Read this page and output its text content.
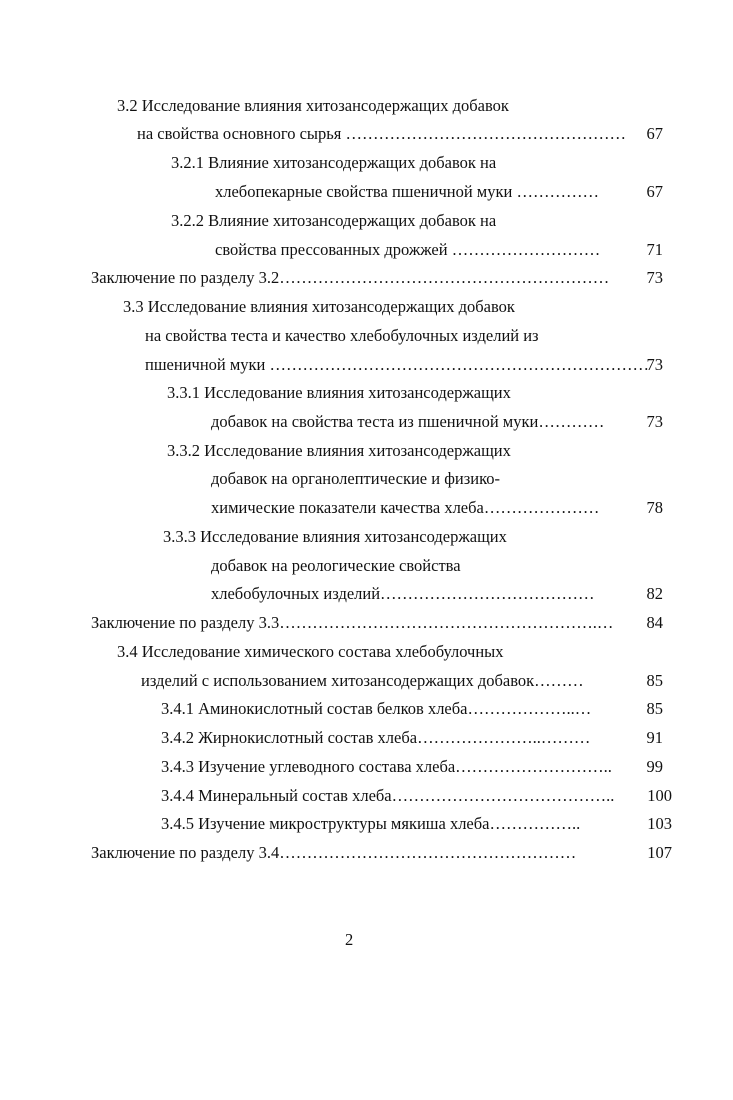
3.2 Исследование влияния хитозансодержащих добавок
на свойства основного сырья ……………………………………………
3.2.1 Влияние хитозансодержащих добавок на
хлебопекарные свойства пшеничной муки ……………
3.2.2 Влияние хитозансодержащих добавок на
свойства прессованных дрожжей ………………………
Заключение по разделу 3.2……………………………………………………
3.3 Исследование влияния хитозансодержащих добавок
на свойства теста и качество хлебобулочных изделий из
пшеничной муки ……………………………………………………………
3.3.1 Исследование влияния хитозансодержащих
добавок на свойства теста из пшеничной муки…………
3.3.2 Исследование влияния хитозансодержащих
добавок на органолептические и физико-
химические показатели качества хлеба…………………
3.3.3 Исследование влияния хитозансодержащих
добавок на реологические свойства
хлебобулочных изделий…………………………………
Заключение по разделу 3.3………………………………………………….…
3.4 Исследование химического состава хлебобулочных
изделий с использованием хитозансодержащих добавок………
3.4.1 Аминокислотный состав белков хлеба………………..…
3.4.2 Жирнокислотный состав хлеба…………………..………
3.4.3 Изучение углеводного состава хлеба………………………..
3.4.4 Минеральный состав хлеба…………………………………..
3.4.5 Изучение микроструктуры мякиша хлеба……………..
Заключение по разделу 3.4………………………………………………
67
67
71
73
73
73
78
82
84
85
85
91
99
100
103
107
2
